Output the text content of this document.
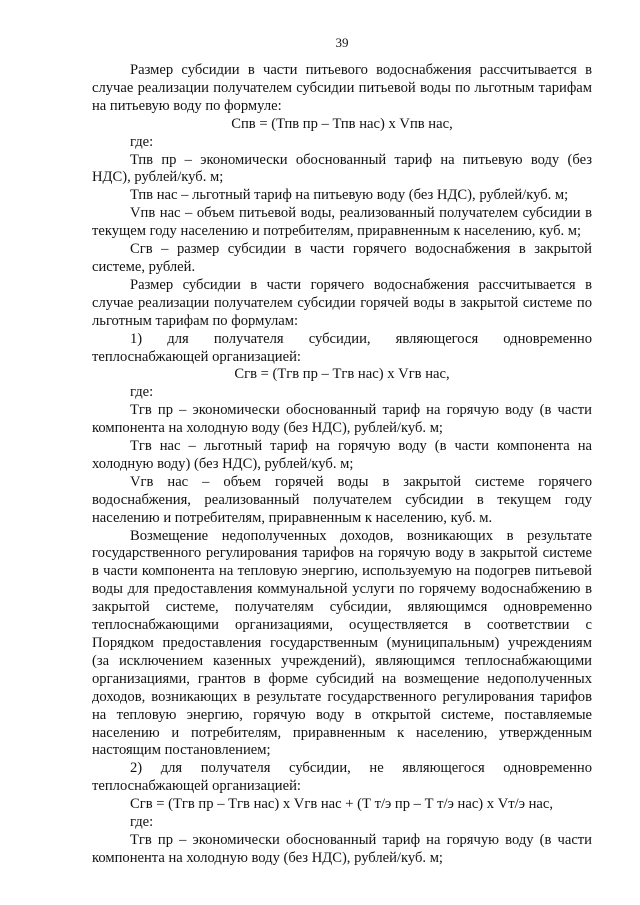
39

Размер субсидии в части питьевого водоснабжения рассчитывается в случае реализации получателем субсидии питьевой воды по льготным тарифам на питьевую воду по формуле:

Спв = (Тпв пр – Тпв нас) х Vпв нас,

где:

Тпв пр – экономически обоснованный тариф на питьевую воду (без НДС), рублей/куб. м;

Тпв нас – льготный тариф на питьевую воду (без НДС), рублей/куб. м;

Vпв нас – объем питьевой воды, реализованный получателем субсидии в текущем году населению и потребителям, приравненным к населению, куб. м;

Сгв – размер субсидии в части горячего водоснабжения в закрытой системе, рублей.

Размер субсидии в части горячего водоснабжения рассчитывается в случае реализации получателем субсидии горячей воды в закрытой системе по льготным тарифам по формулам:

1) для получателя субсидии, являющегося одновременно теплоснабжающей организацией:

Сгв = (Тгв пр – Тгв нас) х Vгв нас,

где:

Тгв пр – экономически обоснованный тариф на горячую воду (в части компонента на холодную воду (без НДС), рублей/куб. м;

Тгв нас – льготный тариф на горячую воду (в части компонента на холодную воду) (без НДС), рублей/куб. м;

Vгв нас – объем горячей воды в закрытой системе горячего водоснабжения, реализованный получателем субсидии в текущем году населению и потребителям, приравненным к населению, куб. м.

Возмещение недополученных доходов, возникающих в результате государственного регулирования тарифов на горячую воду в закрытой системе в части компонента на тепловую энергию, используемую на подогрев питьевой воды для предоставления коммунальной услуги по горячему водоснабжению в закрытой системе, получателям субсидии, являющимся одновременно теплоснабжающими организациями, осуществляется в соответствии с Порядком предоставления государственным (муниципальным) учреждениям (за исключением казенных учреждений), являющимся теплоснабжающими организациями, грантов в форме субсидий на возмещение недополученных доходов, возникающих в результате государственного регулирования тарифов на тепловую энергию, горячую воду в открытой системе, поставляемые населению и потребителям, приравненным к населению, утвержденным настоящим постановлением;

2) для получателя субсидии, не являющегося одновременно теплоснабжающей организацией:

Сгв = (Тгв пр – Тгв нас) х Vгв нас + (Т т/э пр – Т т/э нас) х Vт/э нас,

где:

Тгв пр – экономически обоснованный тариф на горячую воду (в части компонента на холодную воду (без НДС), рублей/куб. м;
